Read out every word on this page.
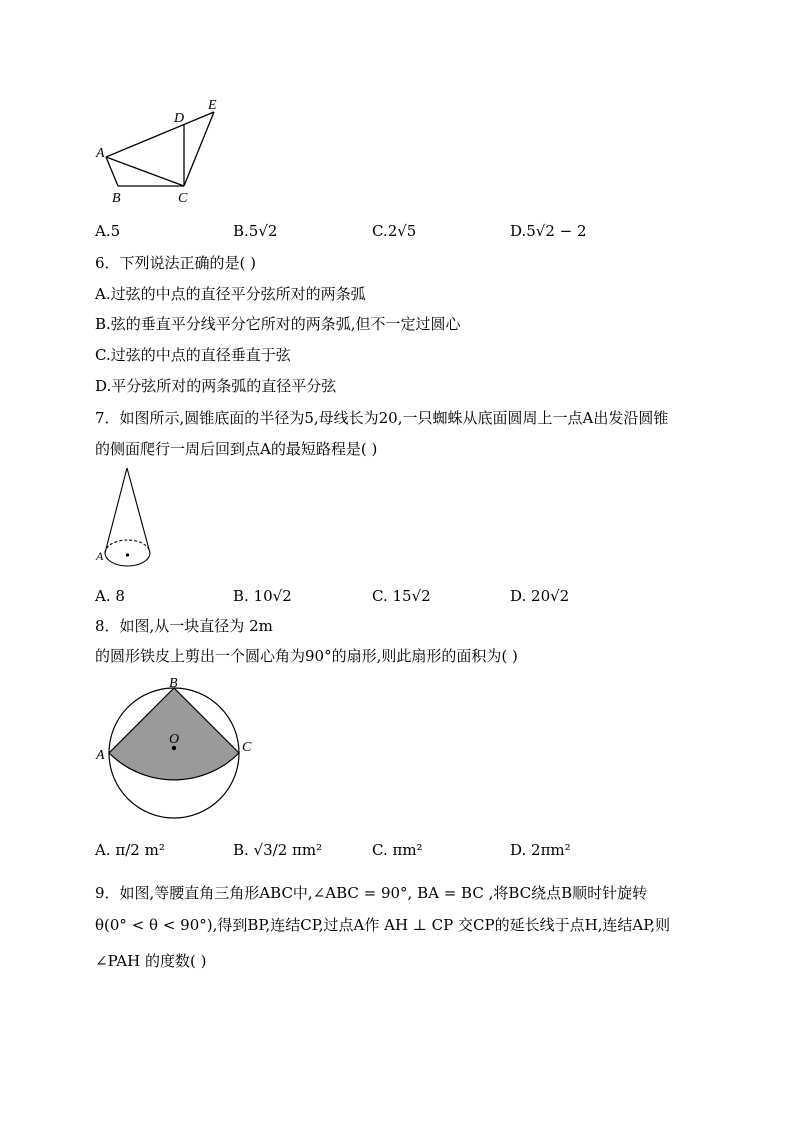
A
B	C
D
E
A.5	B.5√2	C.2√5	D.5√2 − 2
6．下列说法正确的是( )
A.过弦的中点的直径平分弦所对的两条弧
B.弦的垂直平分线平分它所对的两条弧,但不一定过圆心
C.过弦的中点的直径垂直于弦
D.平分弦所对的两条弧的直径平分弦
7．如图所示,圆锥底面的半径为5,母线长为20,一只蜘蛛从底面圆周上一点A出发沿圆锥
的侧面爬行一周后回到点A的最短路程是( )
A
A. 8	B. 10√2	C. 15√2	D. 20√2
8．如图,从一块直径为 2m
的圆形铁皮上剪出一个圆心角为90°的扇形,则此扇形的面积为( )
B
A
C
O
A. π/2 m²	B. √3/2 πm²	C. πm²	D. 2πm²
9．如图,等腰直角三角形ABC中,∠ABC = 90°, BA = BC ,将BC绕点B顺时针旋转
θ(0° < θ < 90°),得到BP,连结CP,过点A作 AH ⊥ CP 交CP的延长线于点H,连结AP,则
∠PAH 的度数( )
